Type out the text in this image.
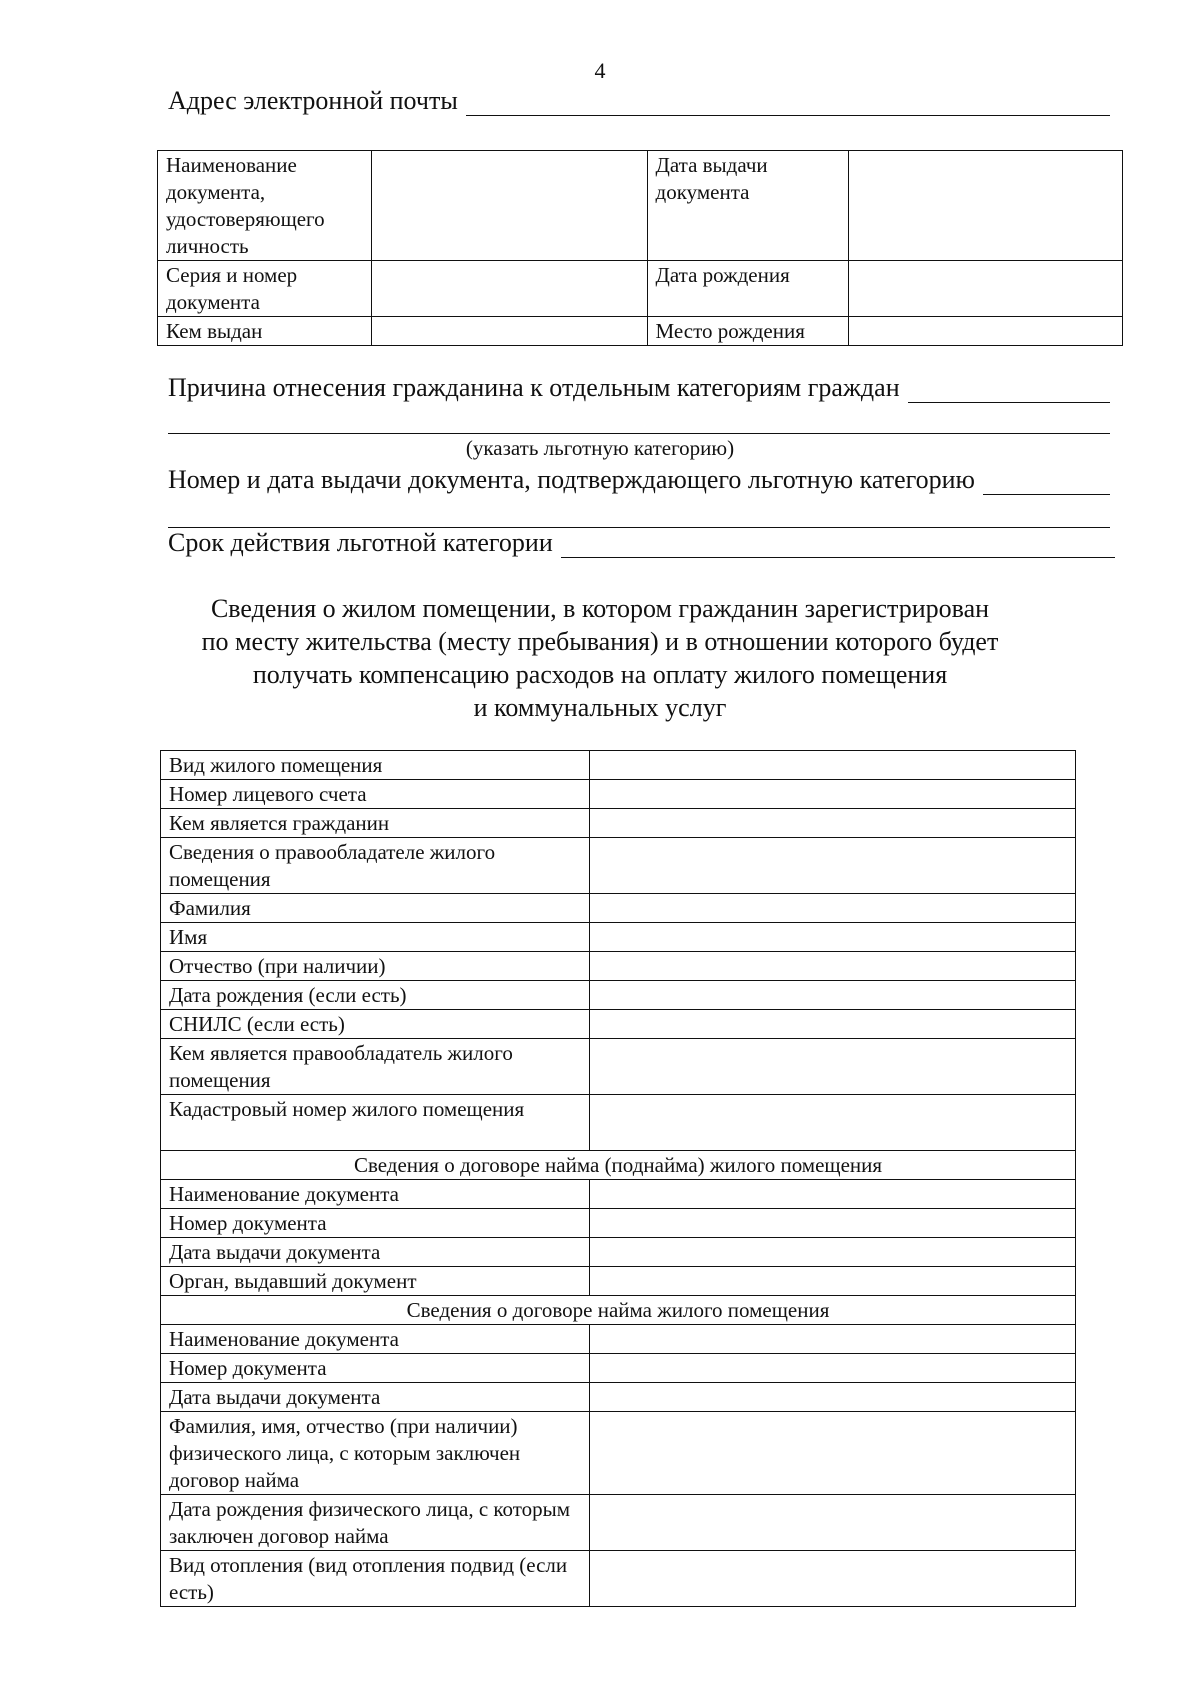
4
Адрес электронной почты
Наименование документа, удостоверяющего личность		Дата выдачи документа	
Серия и номер документа		Дата рождения	
Кем выдан		Место рождения	
Причина отнесения гражданина к отдельным категориям граждан
(указать льготную категорию)
Номер и дата выдачи документа, подтверждающего льготную категорию
Срок действия льготной категории
Сведения о жилом помещении, в котором гражданин зарегистрирован
по месту жительства (месту пребывания) и в отношении которого будет
получать компенсацию расходов на оплату жилого помещения
и коммунальных услуг
Вид жилого помещения	
Номер лицевого счета	
Кем является гражданин	
Сведения о правообладателе жилого помещения	
Фамилия	
Имя	
Отчество (при наличии)	
Дата рождения (если есть)	
СНИЛС (если есть)	
Кем является правообладатель жилого помещения	
Кадастровый номер жилого помещения	
Сведения о договоре найма (поднайма) жилого помещения	
Наименование документа	
Номер документа	
Дата выдачи документа	
Орган, выдавший документ	
Сведения о договоре найма жилого помещения	
Наименование документа	
Номер документа	
Дата выдачи документа	
Фамилия, имя, отчество (при наличии) физического лица, с которым заключен договор найма	
Дата рождения физического лица, с которым заключен договор найма	
Вид отопления (вид отопления подвид (если есть)	
